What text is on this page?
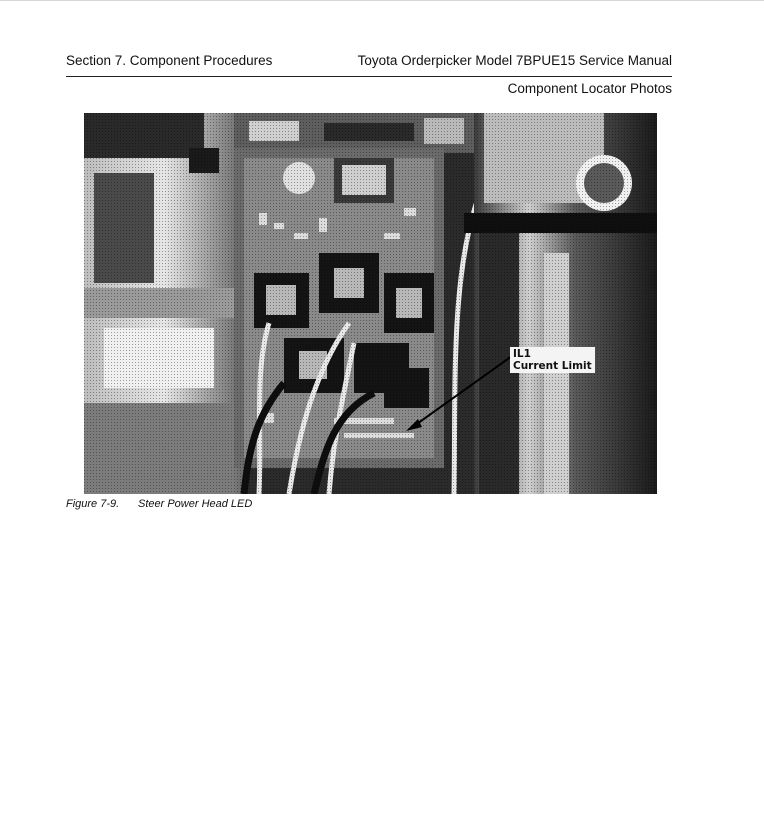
Section 7. Component Procedures	Toyota Orderpicker Model 7BPUE15 Service Manual
Component Locator Photos
IL1
Current Limit
Figure 7-9. Steer Power Head LED
